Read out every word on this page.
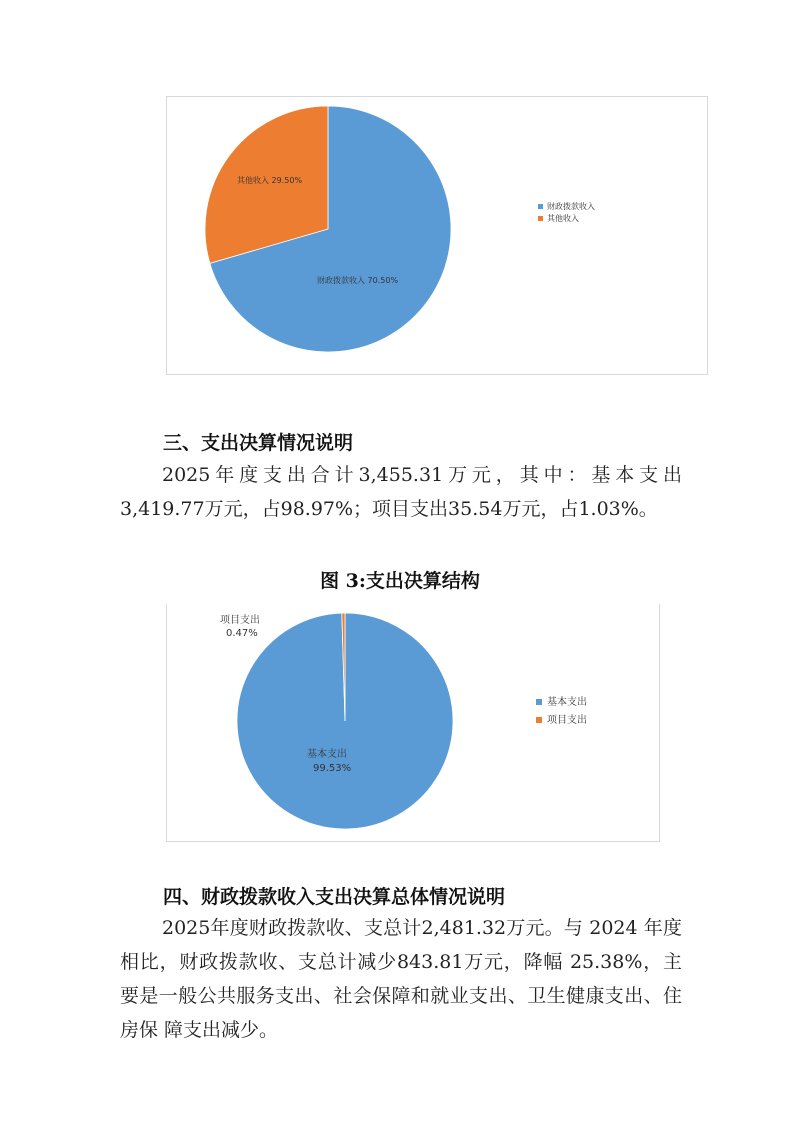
其他收入 29.50%
财政拨款收入 70.50%
财政拨款收入
其他收入
三、支出决算情况说明
2025年度支出合计3,455.31万元，其中：基本支出3,419.77万元，占98.97%；项目支出35.54万元，占1.03%。
图 3:支出决算结构
项目支出
0.47%
基本支出
99.53%
基本支出
项目支出
四、财政拨款收入支出决算总体情况说明
2025年度财政拨款收、支总计2,481.32万元。与 2024 年度相比，财政拨款收、支总计减少843.81万元，降幅 25.38%，主要是一般公共服务支出、社会保障和就业支出、卫生健康支出、住房保 障支出减少。
